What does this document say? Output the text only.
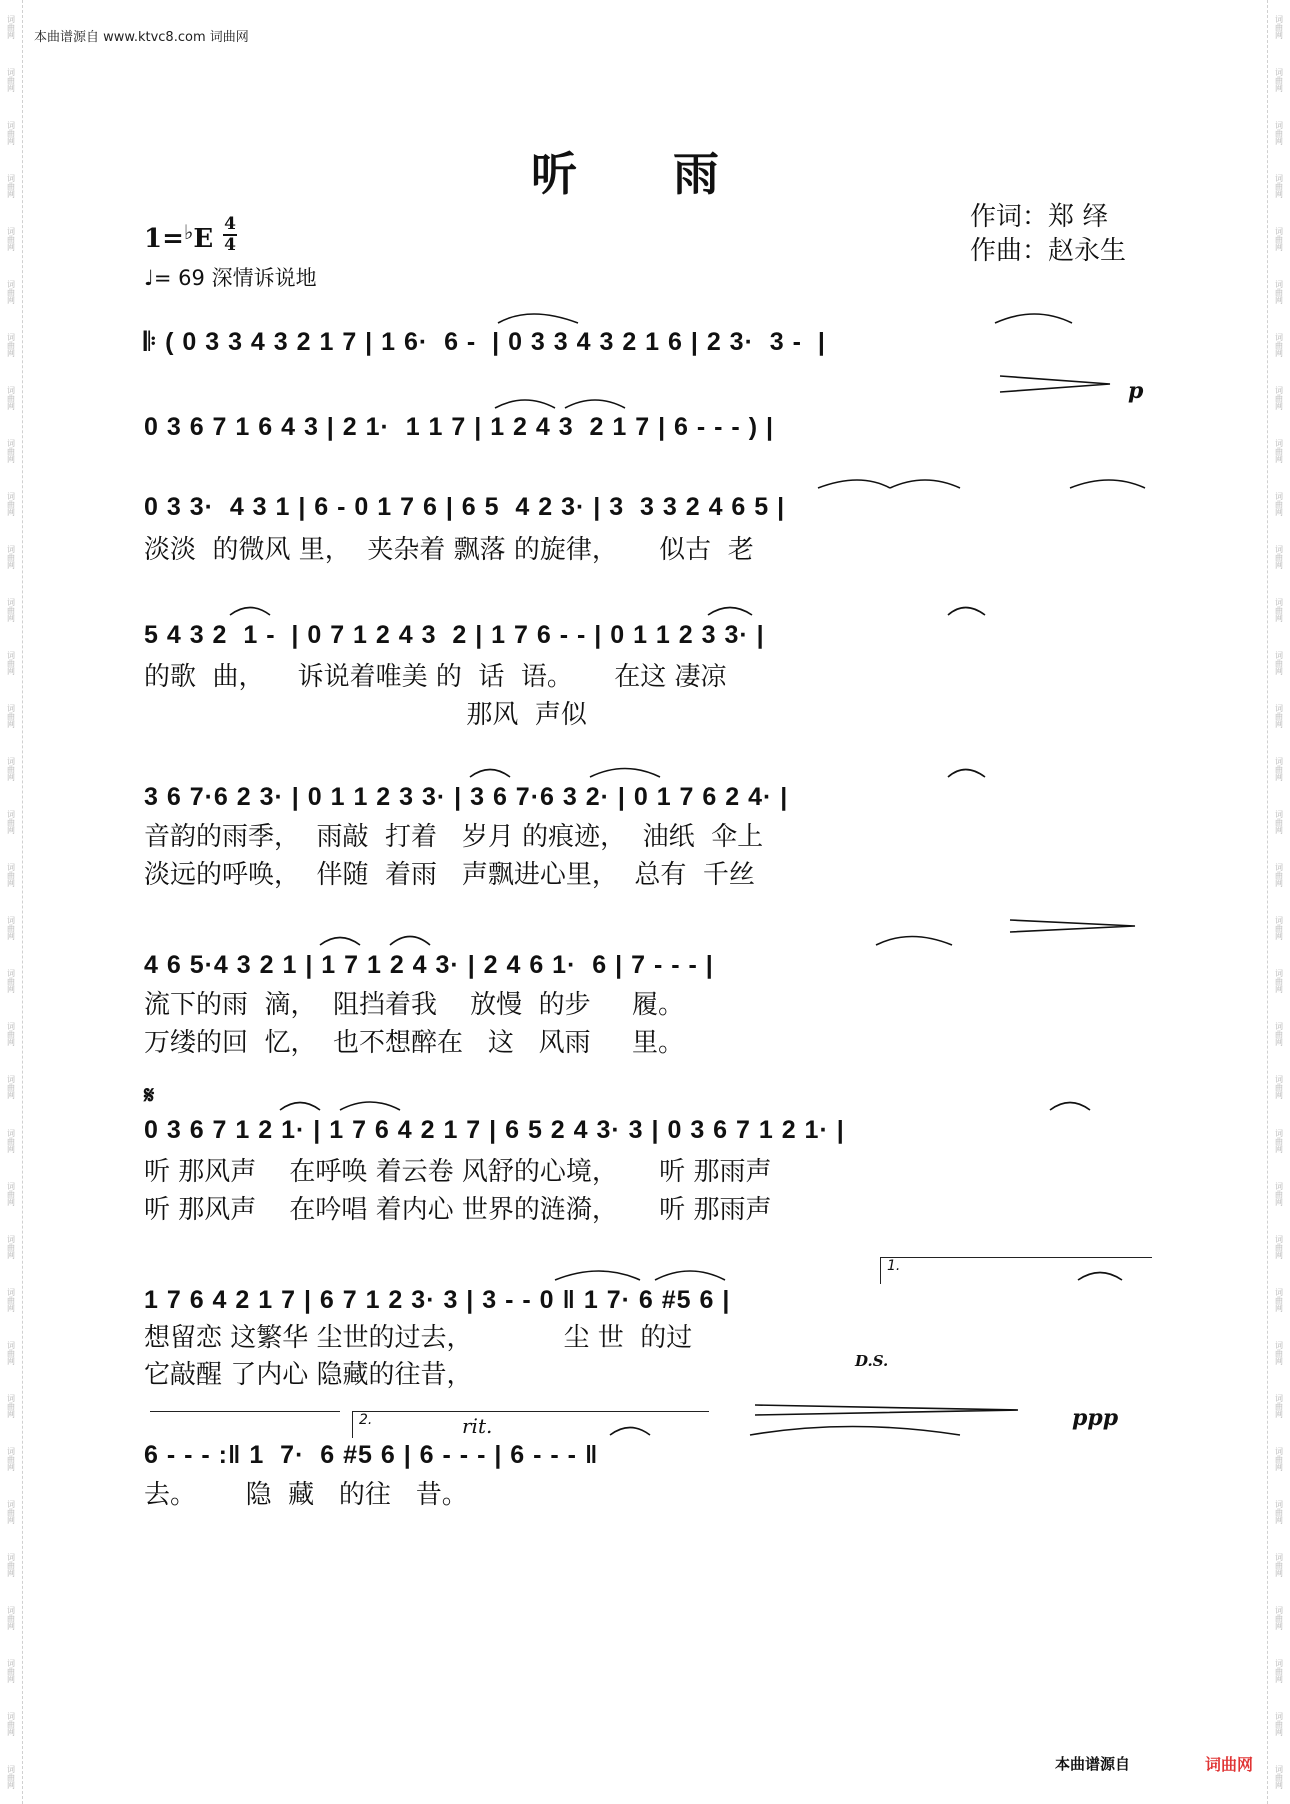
词曲网
词曲网
词曲网
词曲网
词曲网
词曲网
词曲网
词曲网
词曲网
词曲网
词曲网
词曲网
词曲网
词曲网
词曲网
词曲网
词曲网
词曲网
词曲网
词曲网
词曲网
词曲网
词曲网
词曲网
词曲网
词曲网
词曲网
词曲网
词曲网
词曲网
词曲网
词曲网
词曲网
词曲网
词曲网
词曲网
词曲网
词曲网
词曲网
词曲网
词曲网
词曲网
词曲网
词曲网
词曲网
词曲网
词曲网
词曲网
词曲网
词曲网
词曲网
词曲网
词曲网
词曲网
词曲网
词曲网
词曲网
词曲网
词曲网
词曲网
词曲网
词曲网
词曲网
词曲网
词曲网
词曲网
词曲网
词曲网
本曲谱源自 www.ktvc8.com 词曲网
听 雨
作词：郑 绎
作曲：赵永生
1=♭E 4
4
♩= 69 深情诉说地
𝄆 ( 0 3 3 4 3 2 1 7 | 1 6·  6 -  | 0 3 3 4 3 2 1 6 | 2 3·  3 -  |
0 3 6 7 1 6 4 3 | 2 1·  1 1 7 | 1 2 4 3  2 1 7 | 6 - - - ) |
0 3 3·  4 3 1 | 6 - 0 1 7 6 | 6 5  4 2 3· | 3  3 3 2 4 6 5 |
淡淡  的微风 里，  夹杂着 飘落 的旋律，     似古  老
5 4 3 2  1 -  | 0 7 1 2 4 3  2 | 1 7 6 - - | 0 1 1 2 3 3· |
的歌  曲，    诉说着唯美 的  话  语。     在这 凄凉
那风  声似
3 6 7·6 2 3· | 0 1 1 2 3 3· | 3 6 7·6 3 2· | 0 1 7 6 2 4· |
音韵的雨季，  雨敲  打着   岁月 的痕迹，  油纸  伞上
淡远的呼唤，  伴随  着雨   声飘进心里，  总有  千丝
4 6 5·4 3 2 1 | 1 7 1 2 4 3· | 2 4 6 1·  6 | 7 - - - |
流下的雨  滴，  阻挡着我    放慢  的步     履。
万缕的回  忆，  也不想醉在   这   风雨     里。
0 3 6 7 1 2 1· | 1 7 6 4 2 1 7 | 6 5 2 4 3· 3 | 0 3 6 7 1 2 1· |
听 那风声    在呼唤 着云卷 风舒的心境，     听 那雨声
听 那风声    在吟唱 着内心 世界的涟漪，     听 那雨声
1 7 6 4 2 1 7 | 6 7 1 2 3· 3 | 3 - - 0 ‖ 1 7· 6 #5 6 |
想留恋 这繁华 尘世的过去，           尘 世  的过
它敲醒 了内心 隐藏的往昔，
6 - - - :‖ 1  7·  6 #5 6 | 6 - - - | 6 - - - ‖
去。      隐  藏   的往   昔。
p
𝄋
D.S.
1.
2.	rit.	ppp
本曲谱源自	词曲网
